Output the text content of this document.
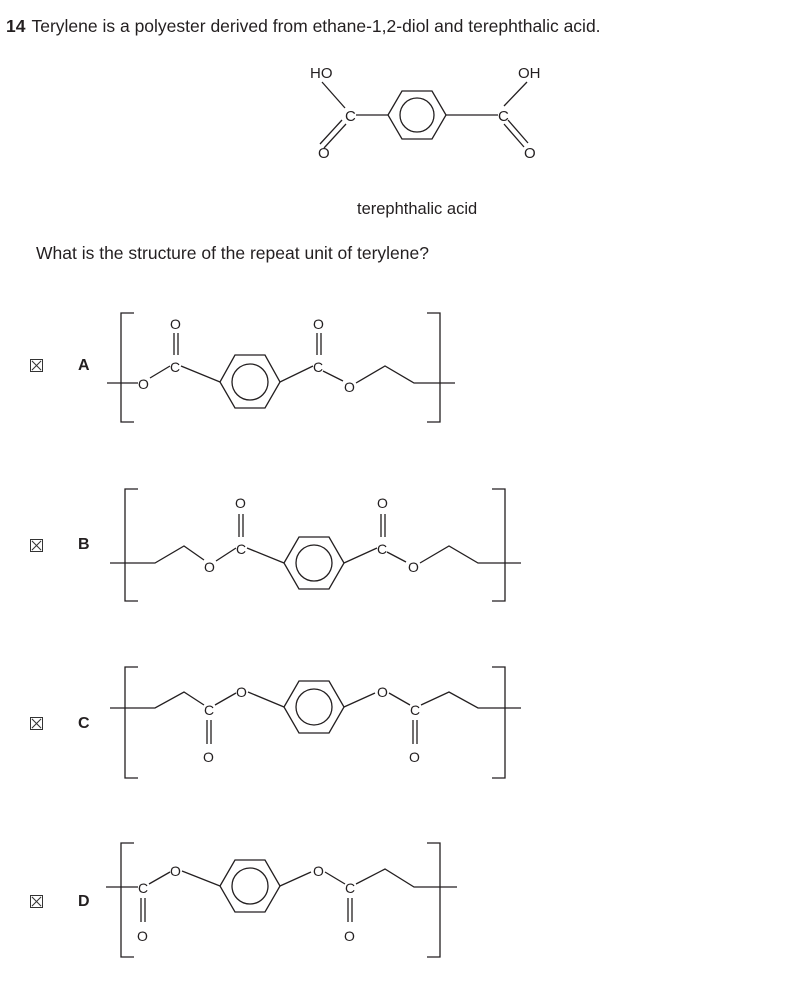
14 Terylene is a polyester derived from ethane-1,2-diol and terephthalic acid.
HO	OH
C
O
C
O
terephthalic acid
What is the structure of the repeat unit of terylene?
A
O
C
O
C
O
O
B
O
C
O
C
O
O
C
C
O
O	O
C
O
D
C
O
O	O
C
O
